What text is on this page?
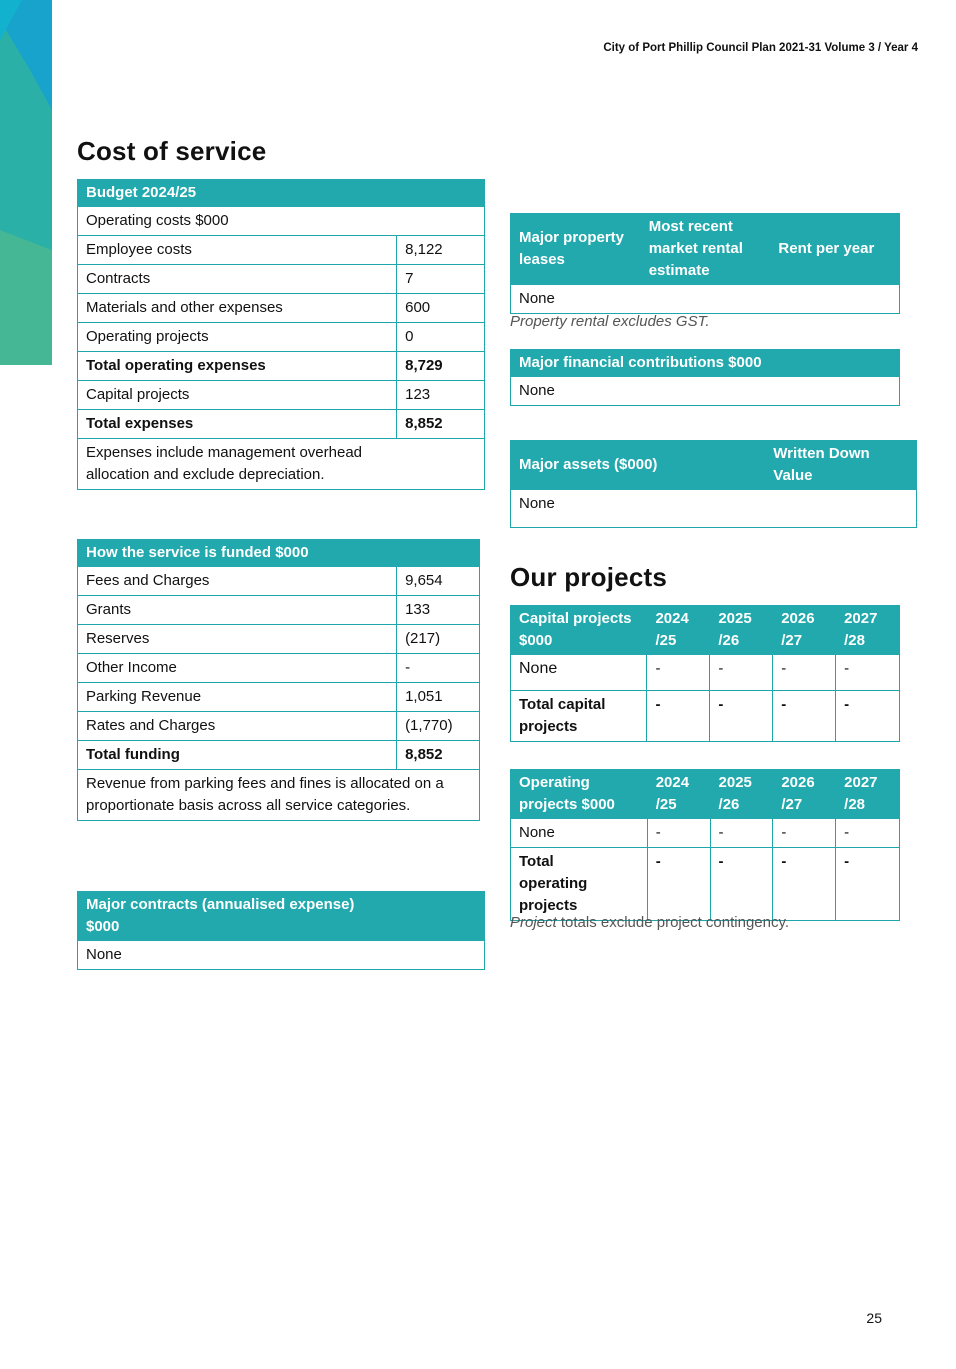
City of Port Phillip Council Plan 2021-31 Volume 3 / Year 4
Cost of service
Budget 2024/25	
Operating costs $000	
Employee costs	8,122
Contracts	7
Materials and other expenses	600
Operating projects	0
Total operating expenses	8,729
Capital projects	123
Total expenses	8,852
Expenses include management overhead allocation and exclude depreciation.	
How the service is funded $000	
Fees and Charges	9,654
Grants	133
Reserves	(217)
Other Income	-
Parking Revenue	1,051
Rates and Charges	(1,770)
Total funding	8,852
Revenue from parking fees and fines is allocated on a proportionate basis across all service categories.	
Major contracts (annualised expense) $000	
None	
Major property leases	Most recent market rental estimate	Rent per year
None
Property rental excludes GST.
Major financial contributions $000
None
Major assets ($000)	Written Down Value
None	
Our projects
Capital projects $000	2024 /25	2025 /26	2026 /27	2027 /28
None	-	-	-	-
Total capital projects	-	-	-	-
Operating projects $000	2024 /25	2025 /26	2026 /27	2027 /28
None	-	-	-	-
Total operating projects	-	-	-	-
Project totals exclude project contingency.
25
